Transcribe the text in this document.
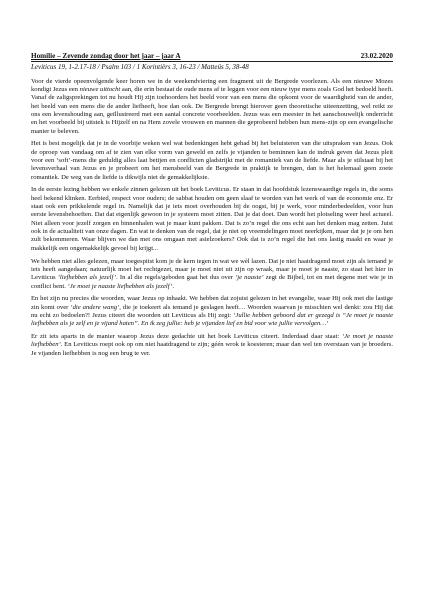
Homilie – Zevende zondag door het jaar – jaar A	23.02.2020
Leviticus 19, 1-2.17-18 / Psalm 103 / 1 Korintiërs 3, 16-23 / Matteüs 5, 38-48

Voor de vierde opeenvolgende keer horen we in de weekendviering een fragment uit de Bergrede voorlezen. Als een nieuwe Mozes kondigt Jezus een nieuwe uittocht aan, die erin bestaat de oude mens af te leggen voor een nieuw type mens zoals God het bedoeld heeft. Vanaf de zaligsprekingen tot nu houdt Hij zijn toehoorders het beeld voor van een mens die opkomt voor de waardigheid van de ander, het beeld van een mens die de ander liefheeft, hoe dan ook. De Bergrede brengt hierover geen theoretische uiteenzetting, wel reikt ze ons een levenshouding aan, geïllustreerd met een aantal concrete voorbeelden. Jezus was een meester in het aanschouwelijk onderricht en het voorbeeld bij uitstek is Hijzelf en na Hem zovele vrouwen en mannen die geprobeerd hebben hun mens-zijn op een evangelische manier te beleven.

Het is best mogelijk dat je in de voorbije weken wel wat bedenkingen hebt gehad bij het beluisteren van die uitspraken van Jezus. Ook de oproep van vandaag om af te zien van elke vorm van geweld en zelfs je vijanden te beminnen kan de indruk geven dat Jezus pleit voor een ‘soft’-mens die geduldig alles laat betijen en conflicten gladstrijkt met de romantiek van de liefde. Maar als je stilstaat bij het levensverhaal van Jezus en je probeert om het mensbeeld van de Bergrede in praktijk te brengen, dan is het helemaal geen zoete romantiek. De weg van de liefde is dikwijls niet de gemakkelijkste.

In de eerste lezing hebben we enkele zinnen gelezen uit het boek Leviticus. Er staan in dat hoofdstuk lezenswaardige regels in, die soms heel bekend klinken. Eerbied, respect voor ouders; de sabbat houden om geen slaaf te worden van het werk of van de economie enz. Er staat ook een prikkelende regel in. Namelijk dat je iets moet overhouden bij de oogst, bij je werk, voor minderbedeelden, voor hun eerste levensbehoeften. Dat dat eigenlijk gewoon in je systeem moet zitten. Dat je dat doet. Dan wordt het plotseling weer heel actueel. Niet alleen voor jezelf zorgen en binnenhalen wat je maar kunt pakken. Dat is zo’n regel die ons echt aan het denken mag zetten. Juist ook in de actualiteit van onze dagen. En wat te denken van de regel, dat je niet op vreemdelingen moet neerkijken, maar dat je je om hen zult bekommeren. Waar blijven we dan met ons omgaan met asielzoekers? Ook dat is zo’n regel die het ons lastig maakt en waar je makkelijk een ongemakkelijk gevoel bij krijgt...

We hebben niet alles gelezen, maar toegespitst kom je de kern tegen in wat we wèl lazen. Dat je niet haatdragend moet zijn als iemand je iets heeft aangedaan; natuurlijk moet het rechtgezet, maar je moet niet uit zijn op wraak, maar je moet je naaste, zo staat het hier in Leviticus ‘liefhebben als jezelf’. In al die regels/geboden gaat het dus over ‘je naaste’ zegt de Bijbel, tot en met degene met wie je in conflict bent. ‘Je moet je naaste liefhebben als jezelf’.

En het zijn nu precies die woorden, waar Jezus op inhaakt. We hebben dat zojuist gelezen in het evangelie, waar Hij ook met die lastige zin komt over ‘die andere wang’, die je toekeert als iemand je geslagen heeft… Woorden waarvan je misschien wel denkt: zou Hij dat nu echt zo bedoelen?! Jezus citeert die woorden uit Leviticus als Hij zegt: ‘Jullie hebben gehoord dat er gezegd is “Je moet je naaste liefhebben als je zelf en je vijand haten”. En ik zeg jullie: heb je vijanden lief en bid voor wie jullie vervolgen…’

Er zit iets aparts in de manier waarop Jezus deze gedachte uit het boek Leviticus citeert. Inderdaad daar staat: ‘Je moet je naaste liefhebben’. En Leviticus roept ook op om niet haatdragend te zijn; géén wrok te koesteren; maar dan wel ten overstaan van je broeders. Je vijanden liefhebben is nog een brug te ver.
